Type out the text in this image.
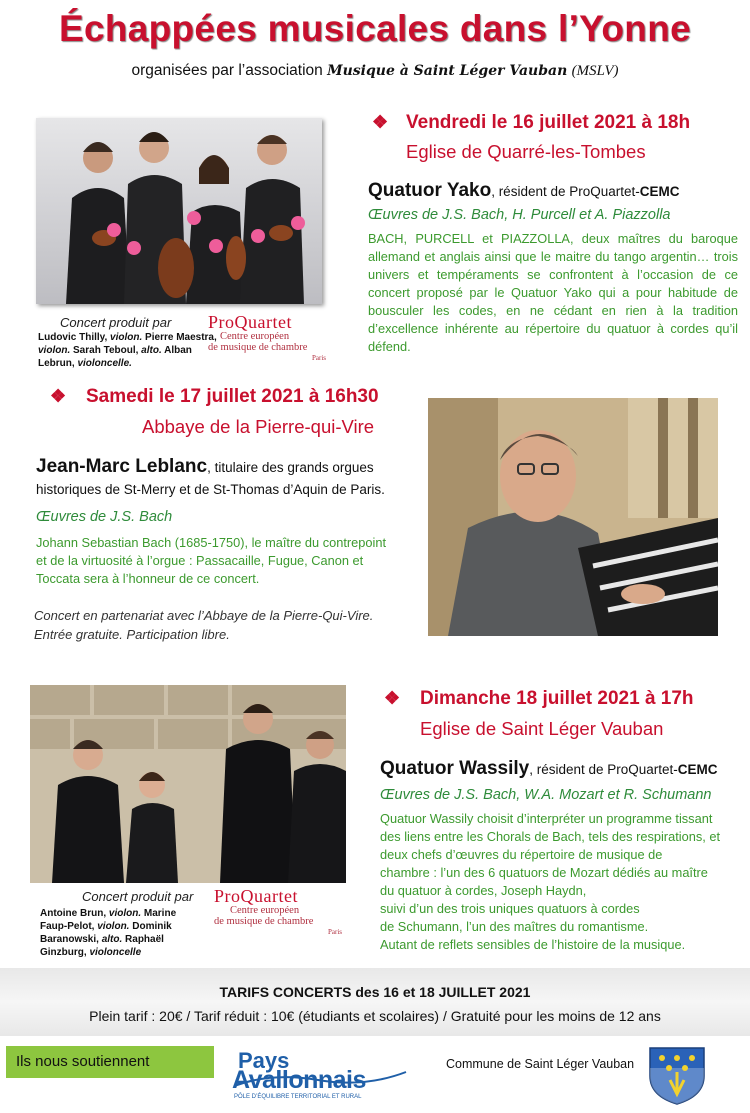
Échappées musicales dans l’Yonne
organisées par l’association Musique à Saint Léger Vauban (MSLV)
Concert produit par
Ludovic Thilly, violon. Pierre Maestra, violon. Sarah Teboul, alto. Alban Lebrun, violoncelle.
ProQuartet
Centre européen
de musique de chambre
Paris
❖ Vendredi le 16 juillet 2021 à 18h
Eglise de Quarré-les-Tombes
Quatuor Yako, résident de ProQuartet-CEMC
Œuvres de J.S. Bach, H. Purcell et A. Piazzolla
BACH, PURCELL et PIAZZOLLA, deux maîtres du baroque allemand et anglais ainsi que le maitre du tango argentin… trois univers et tempéraments se confrontent à l’occasion de ce concert proposé par le Quatuor Yako qui a pour habitude de bousculer les codes, en ne cédant en rien à la tradition d’excellence inhérente au répertoire du quatuor à cordes qu’il défend.
❖ Samedi le 17 juillet 2021 à 16h30
Abbaye de la Pierre-qui-Vire
Jean-Marc Leblanc, titulaire des grands orgues
historiques de St-Merry et de St-Thomas d’Aquin de Paris.
Œuvres de J.S. Bach
Johann Sebastian Bach (1685-1750), le maître du contrepoint
et de la virtuosité à l’orgue : Passacaille, Fugue, Canon et
Toccata sera à l’honneur de ce concert.
Concert en partenariat avec l’Abbaye de la Pierre-Qui-Vire.
Entrée gratuite. Participation libre.
Concert produit par
Antoine Brun, violon. Marine Faup-Pelot, violon. Dominik Baranowski, alto. Raphaël Ginzburg, violoncelle
ProQuartet
Centre européen
de musique de chambre
Paris
❖ Dimanche 18 juillet 2021 à 17h
Eglise de Saint Léger Vauban
Quatuor Wassily, résident de ProQuartet-CEMC
Œuvres de J.S. Bach, W.A. Mozart et R. Schumann
Quatuor Wassily choisit d’interpréter un programme tissant
des liens entre les Chorals de Bach, tels des respirations, et
deux chefs d’œuvres du répertoire de musique de
chambre : l’un des 6 quatuors de Mozart dédiés au maître
du quatuor à cordes, Joseph Haydn,
suivi d’un des trois uniques quatuors à cordes
de Schumann, l’un des maîtres du romantisme.
Autant de reflets sensibles de l’histoire de la musique.
TARIFS CONCERTS des 16 et 18 JUILLET 2021
Plein tarif : 20€ / Tarif réduit : 10€ (étudiants et scolaires) / Gratuité pour les moins de 12 ans
Ils nous soutiennent	Pays
Avallonnais
PÔLE D’ÉQUILIBRE TERRITORIAL ET RURAL
Commune de Saint Léger Vauban
